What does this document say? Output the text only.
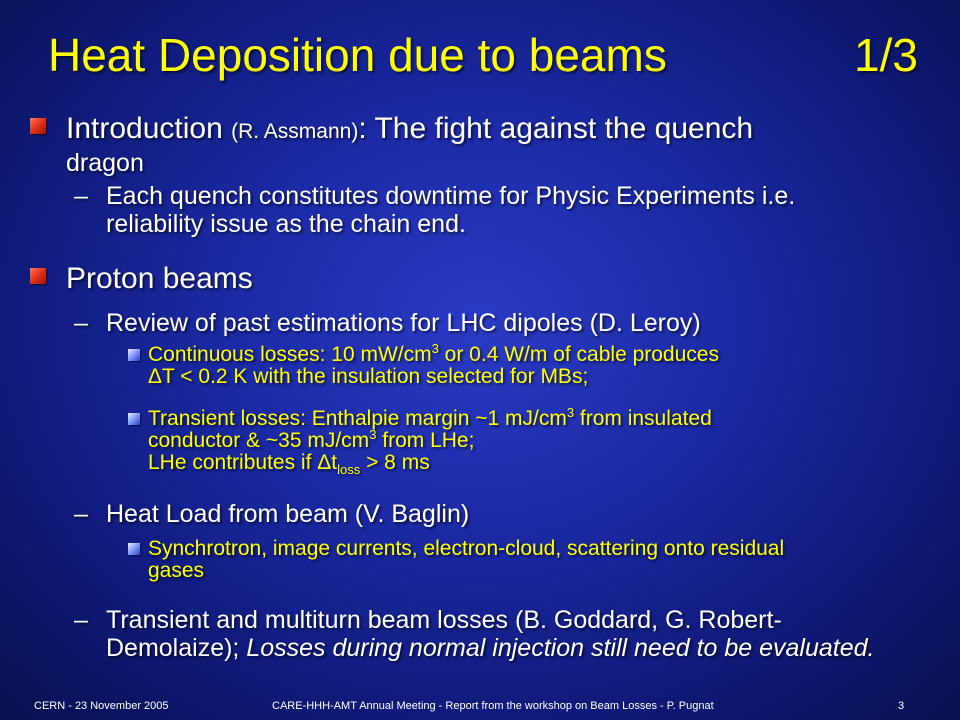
Heat Deposition due to beams	1/3
Introduction (R. Assmann): The fight against the quench
dragon
– Each quench constitutes downtime for Physic Experiments i.e.
reliability issue as the chain end.
Proton beams
– Review of past estimations for LHC dipoles (D. Leroy)
Continuous losses: 10 $mW/cm^3$ or 0.4 W/m of cable produces
ΔT < 0.2 K with the insulation selected for MBs;
Transient losses: Enthalpie margin ~1 $mJ/cm^3$ from insulated
conductor & ~35 $mJ/cm^3$ from LHe;
LHe contributes if $\Delta t_{loss} > 8$ ms
– Heat Load from beam (V. Baglin)
Synchrotron, image currents, electron-cloud, scattering onto residual
gases
– Transient and multiturn beam losses (B. Goddard, G. Robert-
Demolaize); Losses during normal injection still need to be evaluated.
CERN - 23 November 2005	CARE-HHH-AMT Annual Meeting - Report from the workshop on Beam Losses - P. Pugnat	3
